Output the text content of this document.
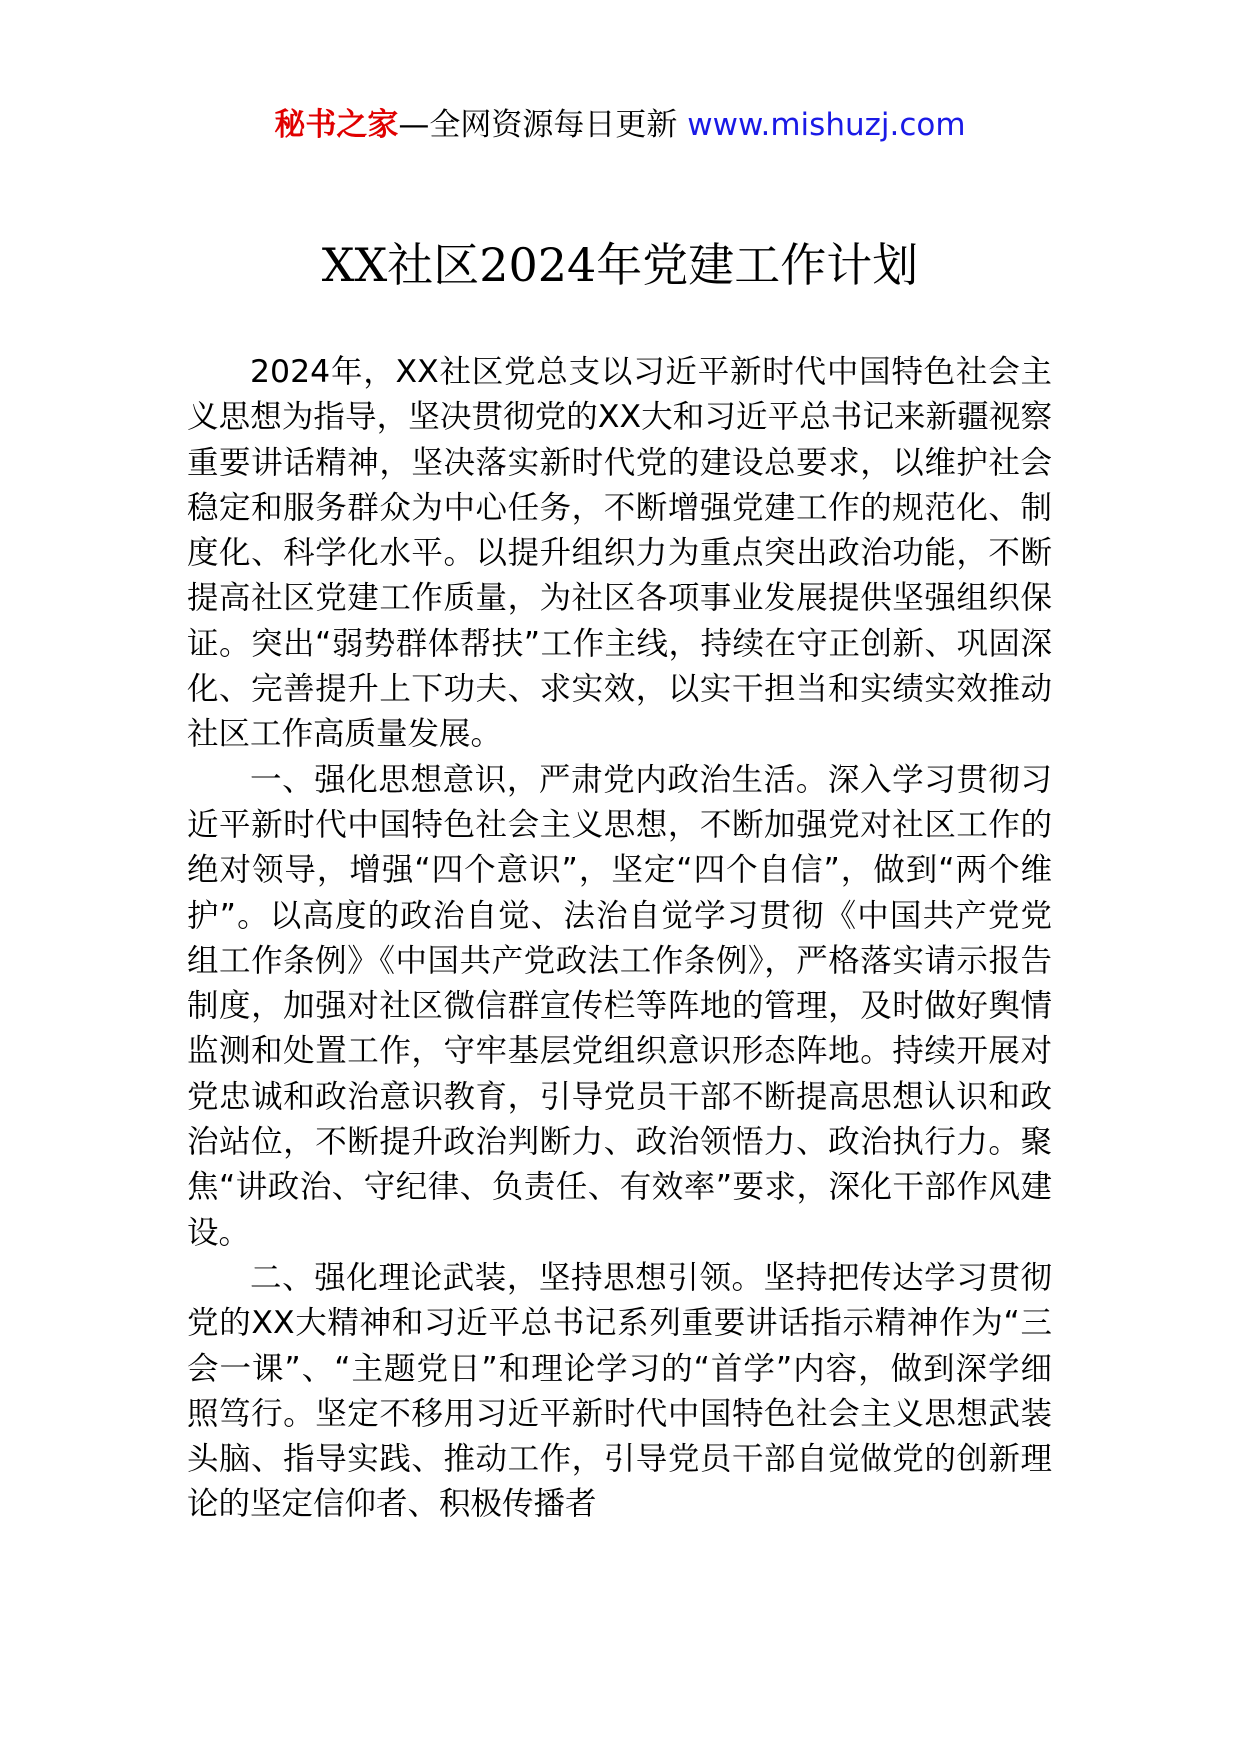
秘书之家—全网资源每日更新 www.mishuzj.com
XX社区2024年党建工作计划

2024年，XX社区党总支以习近平新时代中国特色社会主义思想为指导，坚决贯彻党的XX大和习近平总书记来新疆视察重要讲话精神，坚决落实新时代党的建设总要求，以维护社会稳定和服务群众为中心任务，不断增强党建工作的规范化、制度化、科学化水平。以提升组织力为重点突出政治功能，不断提高社区党建工作质量，为社区各项事业发展提供坚强组织保证。突出“弱势群体帮扶”工作主线，持续在守正创新、巩固深化、完善提升上下功夫、求实效，以实干担当和实绩实效推动社区工作高质量发展。

一、强化思想意识，严肃党内政治生活。深入学习贯彻习近平新时代中国特色社会主义思想，不断加强党对社区工作的绝对领导，增强“四个意识”，坚定“四个自信”，做到“两个维护”。以高度的政治自觉、法治自觉学习贯彻《中国共产党党组工作条例》《中国共产党政法工作条例》，严格落实请示报告制度，加强对社区微信群宣传栏等阵地的管理，及时做好舆情监测和处置工作，守牢基层党组织意识形态阵地。持续开展对党忠诚和政治意识教育，引导党员干部不断提高思想认识和政治站位，不断提升政治判断力、政治领悟力、政治执行力。聚焦“讲政治、守纪律、负责任、有效率”要求，深化干部作风建设。

二、强化理论武装，坚持思想引领。坚持把传达学习贯彻党的XX大精神和习近平总书记系列重要讲话指示精神作为“三会一课”、“主题党日”和理论学习的“首学”内容，做到深学细照笃行。坚定不移用习近平新时代中国特色社会主义思想武装头脑、指导实践、推动工作，引导党员干部自觉做党的创新理论的坚定信仰者、积极传播者
